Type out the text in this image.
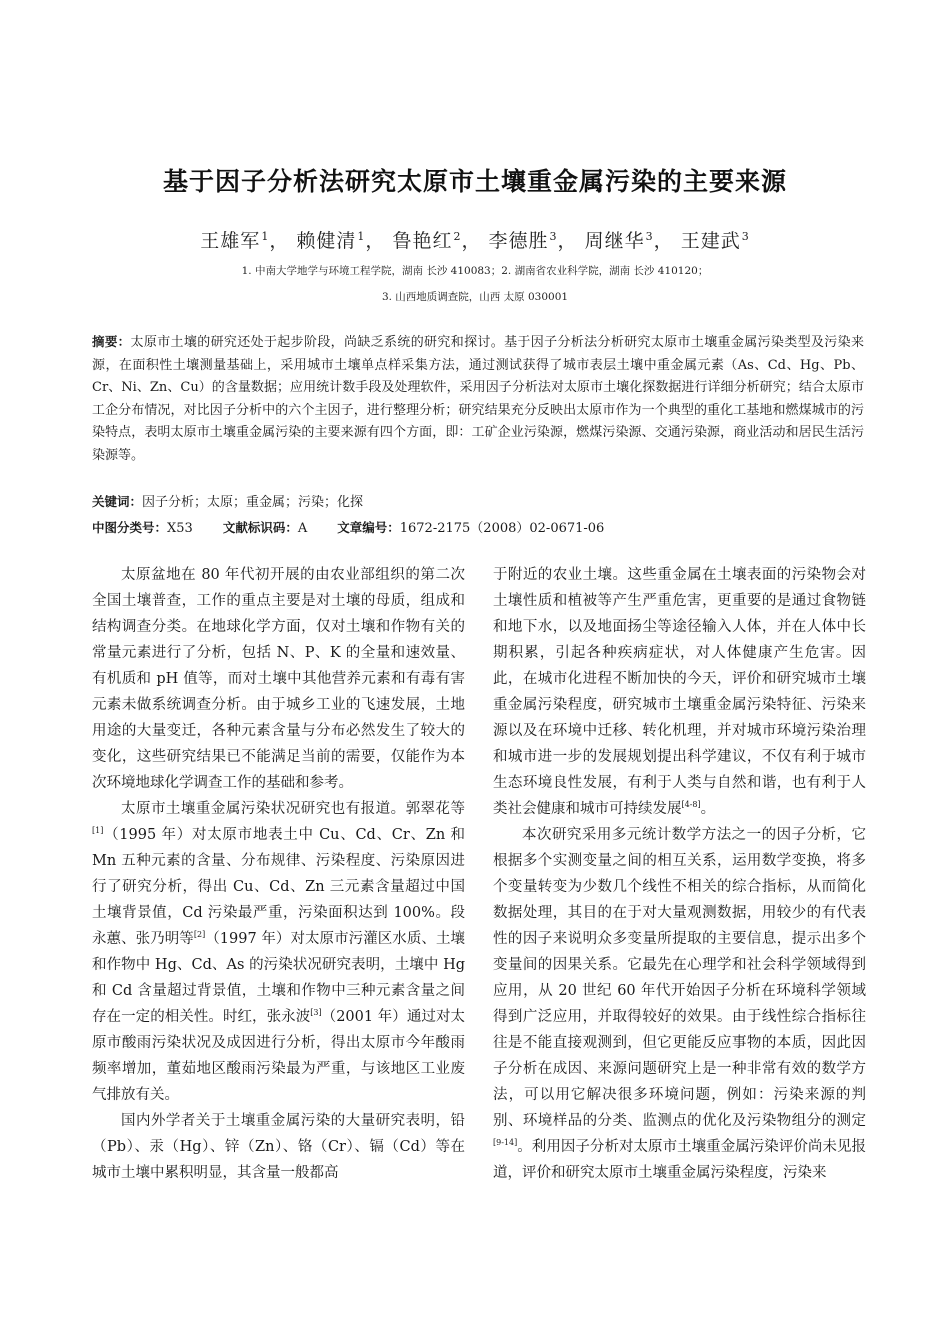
基于因子分析法研究太原市土壤重金属污染的主要来源
王雄军$^1$， 赖健清$^1$， 鲁艳红$^2$， 李德胜$^3$， 周继华$^3$， 王建武$^3$
1. 中南大学地学与环境工程学院，湖南 长沙 410083；2. 湖南省农业科学院，湖南 长沙 410120；
3. 山西地质调查院，山西 太原 030001
摘要：太原市土壤的研究还处于起步阶段，尚缺乏系统的研究和探讨。基于因子分析法分析研究太原市土壤重金属污染类型及污染来源，在面积性土壤测量基础上，采用城市土壤单点样采集方法，通过测试获得了城市表层土壤中重金属元素（As、Cd、Hg、Pb、Cr、Ni、Zn、Cu）的含量数据；应用统计数手段及处理软件，采用因子分析法对太原市土壤化探数据进行详细分析研究；结合太原市工企分布情况，对比因子分析中的六个主因子，进行整理分析；研究结果充分反映出太原市作为一个典型的重化工基地和燃煤城市的污染特点，表明太原市土壤重金属污染的主要来源有四个方面，即：工矿企业污染源，燃煤污染源、交通污染源，商业活动和居民生活污染源等。
关键词：因子分析；太原；重金属；污染；化探
中图分类号：X53 文献标识码：A 文章编号：1672-2175（2008）02-0671-06

太原盆地在 80 年代初开展的由农业部组织的第二次全国土壤普查，工作的重点主要是对土壤的母质，组成和结构调查分类。在地球化学方面，仅对土壤和作物有关的常量元素进行了分析，包括 N、P、K 的全量和速效量、有机质和 pH 值等，而对土壤中其他营养元素和有毒有害元素未做系统调查分析。由于城乡工业的飞速发展，土地用途的大量变迁，各种元素含量与分布必然发生了较大的变化，这些研究结果已不能满足当前的需要，仅能作为本次环境地球化学调查工作的基础和参考。

太原市土壤重金属污染状况研究也有报道。郭翠花等[1]（1995 年）对太原市地表土中 Cu、Cd、Cr、Zn 和 Mn 五种元素的含量、分布规律、污染程度、污染原因进行了研究分析，得出 Cu、Cd、Zn 三元素含量超过中国土壤背景值，Cd 污染最严重，污染面积达到 100%。段永蕙、张乃明等[2]（1997 年）对太原市污灌区水质、土壤和作物中 Hg、Cd、As 的污染状况研究表明，土壤中 Hg 和 Cd 含量超过背景值，土壤和作物中三种元素含量之间存在一定的相关性。时红，张永波[3]（2001 年）通过对太原市酸雨污染状况及成因进行分析，得出太原市今年酸雨频率增加，董茹地区酸雨污染最为严重，与该地区工业废气排放有关。

国内外学者关于土壤重金属污染的大量研究表明，铅（Pb）、汞（Hg）、锌（Zn）、铬（Cr）、镉（Cd）等在城市土壤中累积明显，其含量一般都高

于附近的农业土壤。这些重金属在土壤表面的污染物会对土壤性质和植被等产生严重危害，更重要的是通过食物链和地下水，以及地面扬尘等途径输入人体，并在人体中长期积累，引起各种疾病症状，对人体健康产生危害。因此，在城市化进程不断加快的今天，评价和研究城市土壤重金属污染程度，研究城市土壤重金属污染特征、污染来源以及在环境中迁移、转化机理，并对城市环境污染治理和城市进一步的发展规划提出科学建议，不仅有利于城市生态环境良性发展，有利于人类与自然和谐，也有利于人类社会健康和城市可持续发展[4-8]。

本次研究采用多元统计数学方法之一的因子分析，它根据多个实测变量之间的相互关系，运用数学变换，将多个变量转变为少数几个线性不相关的综合指标，从而简化数据处理，其目的在于对大量观测数据，用较少的有代表性的因子来说明众多变量所提取的主要信息，提示出多个变量间的因果关系。它最先在心理学和社会科学领域得到应用，从 20 世纪 60 年代开始因子分析在环境科学领域得到广泛应用，并取得较好的效果。由于线性综合指标往往是不能直接观测到，但它更能反应事物的本质，因此因子分析在成因、来源问题研究上是一种非常有效的数学方法，可以用它解决很多环境问题，例如：污染来源的判别、环境样品的分类、监测点的优化及污染物组分的测定[9-14]。利用因子分析对太原市土壤重金属污染评价尚未见报道，评价和研究太原市土壤重金属污染程度，污染来
